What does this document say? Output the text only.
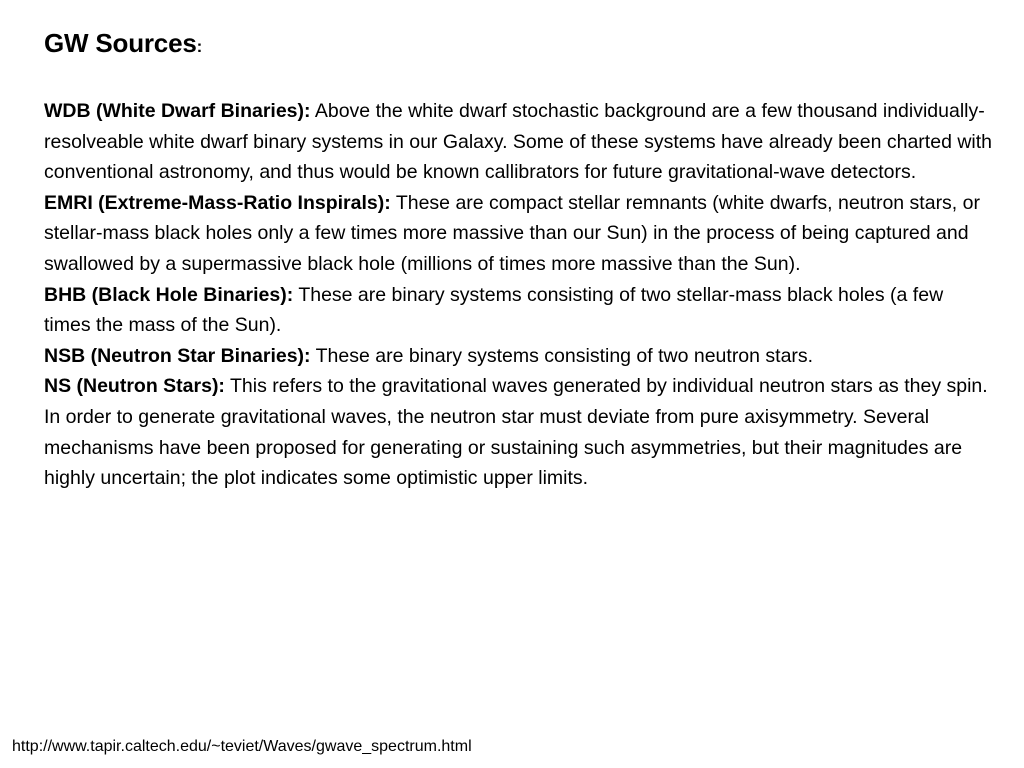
GW Sources:

WDB (White Dwarf Binaries): Above the white dwarf stochastic background are a few thousand individually-resolveable white dwarf binary systems in our Galaxy. Some of these systems have already been charted with conventional astronomy, and thus would be known callibrators for future gravitational-wave detectors.

EMRI (Extreme-Mass-Ratio Inspirals): These are compact stellar remnants (white dwarfs, neutron stars, or stellar-mass black holes only a few times more massive than our Sun) in the process of being captured and swallowed by a supermassive black hole (millions of times more massive than the Sun).

BHB (Black Hole Binaries): These are binary systems consisting of two stellar-mass black holes (a few times the mass of the Sun).

NSB (Neutron Star Binaries): These are binary systems consisting of two neutron stars.

NS (Neutron Stars): This refers to the gravitational waves generated by individual neutron stars as they spin. In order to generate gravitational waves, the neutron star must deviate from pure axisymmetry. Several mechanisms have been proposed for generating or sustaining such asymmetries, but their magnitudes are highly uncertain; the plot indicates some optimistic upper limits.

http://www.tapir.caltech.edu/~teviet/Waves/gwave_spectrum.html
